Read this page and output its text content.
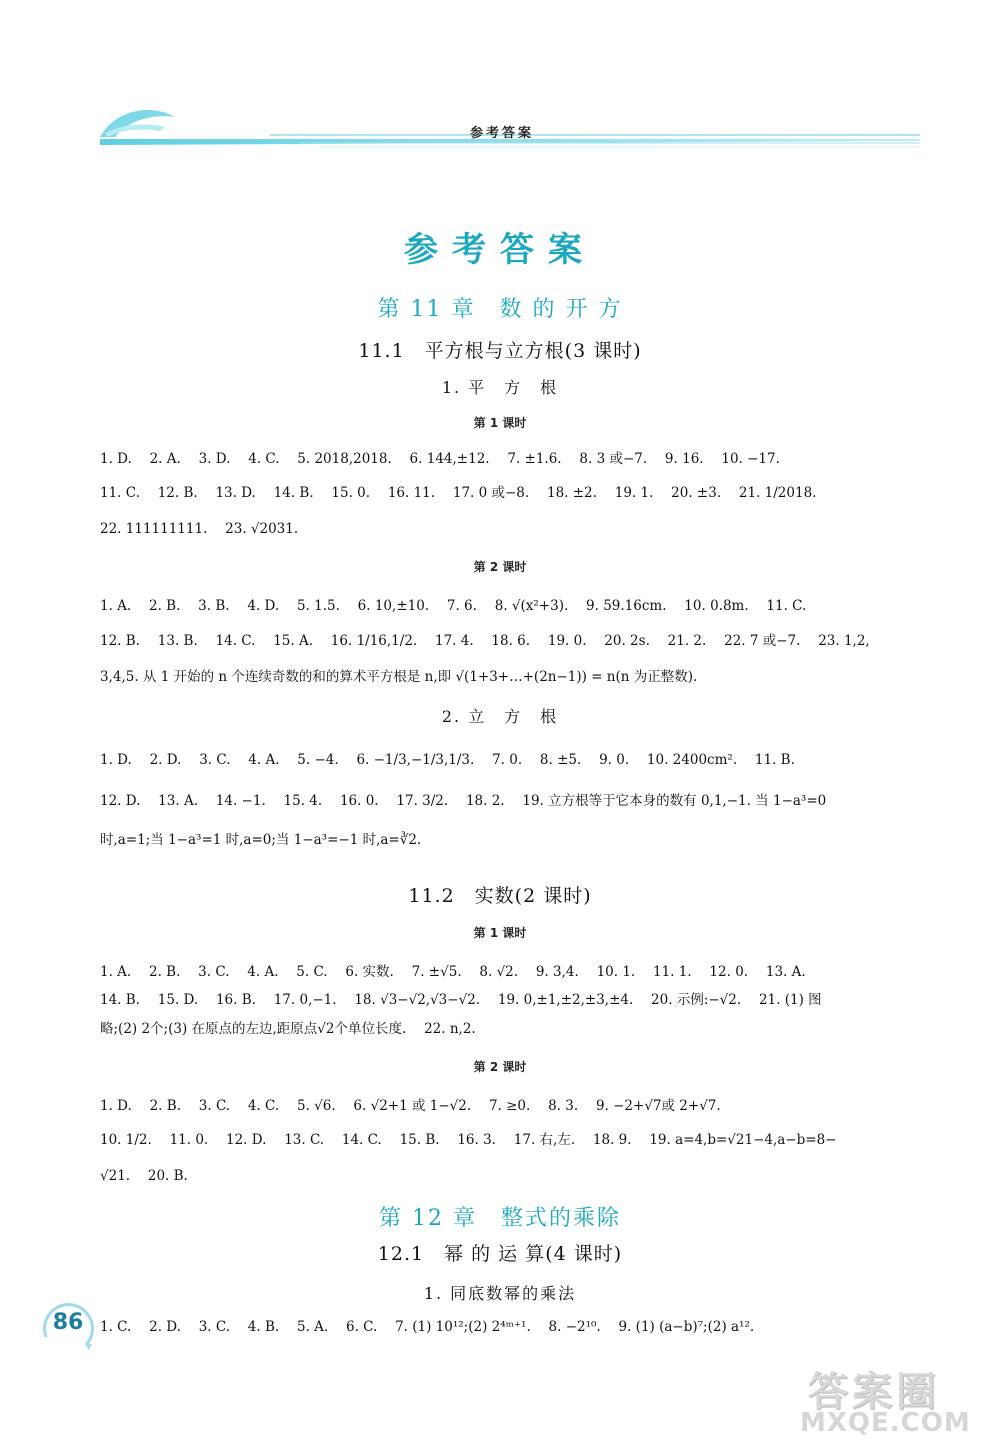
参考答案
参考答案
第 11 章　数 的 开 方
11.1　平方根与立方根(3 课时)
1. 平　方　根
第 1 课时
1. D.　 2. A.　 3. D.　 4. C.　 5. 2018,2018.　 6. 144,±12.　 7. ±1.6.　 8. 3 或−7.　 9. 16.　 10. −17.
11. C.　 12. B.　 13. D.　 14. B.　 15. 0.　 16. 11.　 17. 0 或−8.　 18. ±2.　 19. 1.　 20. ±3.　 21. 1/2018.
22. 111111111.　 23. √2031.
第 2 课时
1. A.　 2. B.　 3. B.　 4. D.　 5. 1.5.　 6. 10,±10.　 7. 6.　 8. √(x²+3).　 9. 59.16cm.　 10. 0.8m.　 11. C.
12. B.　 13. B.　 14. C.　 15. A.　 16. 1/16,1/2.　 17. 4.　 18. 6.　 19. 0.　 20. 2s.　 21. 2.　 22. 7 或−7.　 23. 1,2,
3,4,5. 从 1 开始的 n 个连续奇数的和的算术平方根是 n,即 √(1+3+…+(2n−1)) = n(n 为正整数).
2. 立　方　根
1. D.　 2. D.　 3. C.　 4. A.　 5. −4.　 6. −1/3,−1/3,1/3.　 7. 0.　 8. ±5.　 9. 0.　 10. 2400cm².　 11. B.
12. D.　 13. A.　 14. −1.　 15. 4.　 16. 0.　 17. 3/2.　 18. 2.　 19. 立方根等于它本身的数有 0,1,−1. 当 1−a³=0
时,a=1;当 1−a³=1 时,a=0;当 1−a³=−1 时,a=∛2.
11.2　实数(2 课时)
第 1 课时
1. A.　 2. B.　 3. C.　 4. A.　 5. C.　 6. 实数.　 7. ±√5.　 8. √2.　 9. 3,4.　 10. 1.　 11. 1.　 12. 0.　 13. A.
14. B.　 15. D.　 16. B.　 17. 0,−1.　 18. √3−√2,√3−√2.　 19. 0,±1,±2,±3,±4.　 20. 示例:−√2.　 21. (1) 图
略;(2) 2个;(3) 在原点的左边,距原点√2个单位长度.　 22. n,2.
第 2 课时
1. D.　 2. B.　 3. C.　 4. C.　 5. √6.　 6. √2+1 或 1−√2.　 7. ≥0.　 8. 3.　 9. −2+√7或 2+√7.
10. 1/2.　 11. 0.　 12. D.　 13. C.　 14. C.　 15. B.　 16. 3.　 17. 右,左.　 18. 9.　 19. a=4,b=√21−4,a−b=8−
√21.　 20. B.
第 12 章　整式的乘除
12.1　幂 的 运 算(4 课时)
1. 同底数幂的乘法
1. C.　 2. D.　 3. C.　 4. B.　 5. A.　 6. C.　 7. (1) 10¹²;(2) 2⁴ᵐ⁺¹.　 8. −2¹⁰.　 9. (1) (a−b)⁷;(2) a¹².
86
答案圈
MXQE.COM
